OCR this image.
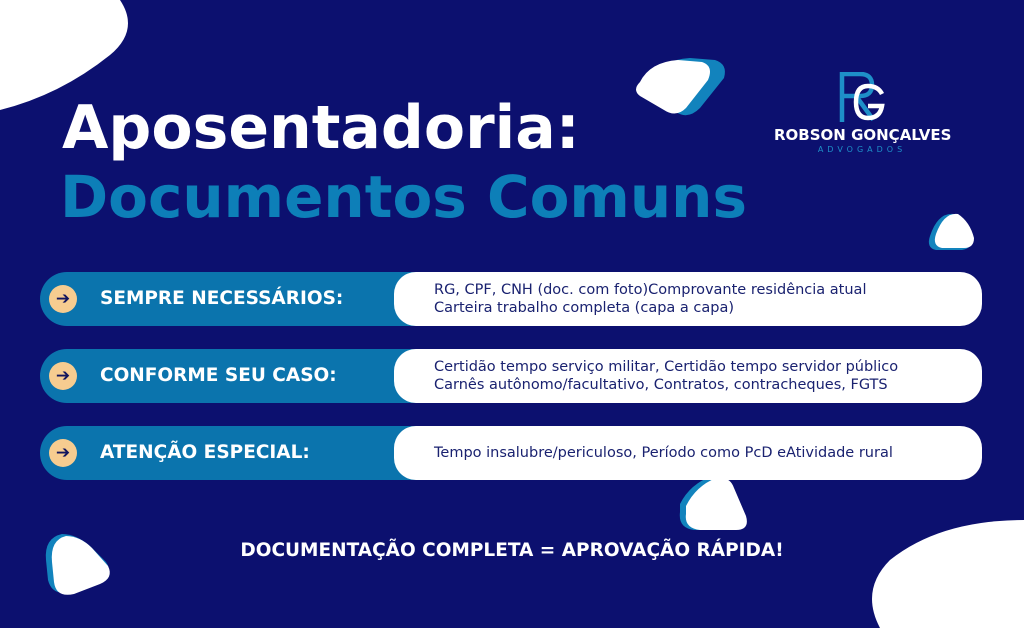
Aposentadoria:
Documentos Comuns
ROBSON GONÇALVES
ADVOGADOS
➔	SEMPRE NECESSÁRIOS:	RG, CPF, CNH (doc. com foto)Comprovante residência atual
Carteira trabalho completa (capa a capa)
➔	CONFORME SEU CASO:	Certidão tempo serviço militar, Certidão tempo servidor público
Carnês autônomo/facultativo, Contratos, contracheques, FGTS
➔	ATENÇÃO ESPECIAL:	Tempo insalubre/periculoso, Período como PcD eAtividade rural
DOCUMENTAÇÃO COMPLETA = APROVAÇÃO RÁPIDA!
